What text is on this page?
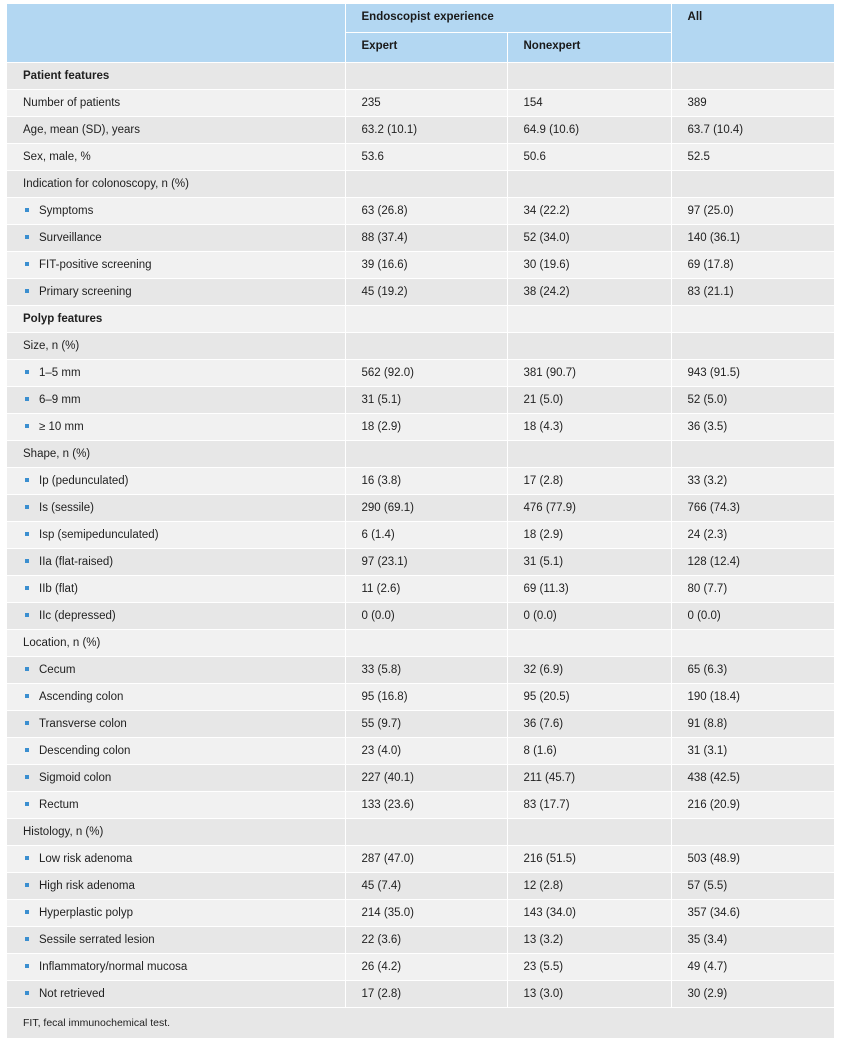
	Endoscopist experience		All
	Expert	Nonexpert	
Patient features			
Number of patients	235	154	389
Age, mean (SD), years	63.2 (10.1)	64.9 (10.6)	63.7 (10.4)
Sex, male, %	53.6	50.6	52.5
Indication for colonoscopy, n (%)			
Symptoms	63 (26.8)	34 (22.2)	97 (25.0)
Surveillance	88 (37.4)	52 (34.0)	140 (36.1)
FIT-positive screening	39 (16.6)	30 (19.6)	69 (17.8)
Primary screening	45 (19.2)	38 (24.2)	83 (21.1)
Polyp features			
Size, n (%)			
1–5 mm	562 (92.0)	381 (90.7)	943 (91.5)
6–9 mm	31 (5.1)	21 (5.0)	52 (5.0)
≥ 10 mm	18 (2.9)	18 (4.3)	36 (3.5)
Shape, n (%)			
Ip (pedunculated)	16 (3.8)	17 (2.8)	33 (3.2)
Is (sessile)	290 (69.1)	476 (77.9)	766 (74.3)
Isp (semipedunculated)	6 (1.4)	18 (2.9)	24 (2.3)
IIa (flat-raised)	97 (23.1)	31 (5.1)	128 (12.4)
IIb (flat)	11 (2.6)	69 (11.3)	80 (7.7)
IIc (depressed)	0 (0.0)	0 (0.0)	0 (0.0)
Location, n (%)			
Cecum	33 (5.8)	32 (6.9)	65 (6.3)
Ascending colon	95 (16.8)	95 (20.5)	190 (18.4)
Transverse colon	55 (9.7)	36 (7.6)	91 (8.8)
Descending colon	23 (4.0)	8 (1.6)	31 (3.1)
Sigmoid colon	227 (40.1)	211 (45.7)	438 (42.5)
Rectum	133 (23.6)	83 (17.7)	216 (20.9)
Histology, n (%)			
Low risk adenoma	287 (47.0)	216 (51.5)	503 (48.9)
High risk adenoma	45 (7.4)	12 (2.8)	57 (5.5)
Hyperplastic polyp	214 (35.0)	143 (34.0)	357 (34.6)
Sessile serrated lesion	22 (3.6)	13 (3.2)	35 (3.4)
Inflammatory/normal mucosa	26 (4.2)	23 (5.5)	49 (4.7)
Not retrieved	17 (2.8)	13 (3.0)	30 (2.9)
FIT, fecal immunochemical test.
